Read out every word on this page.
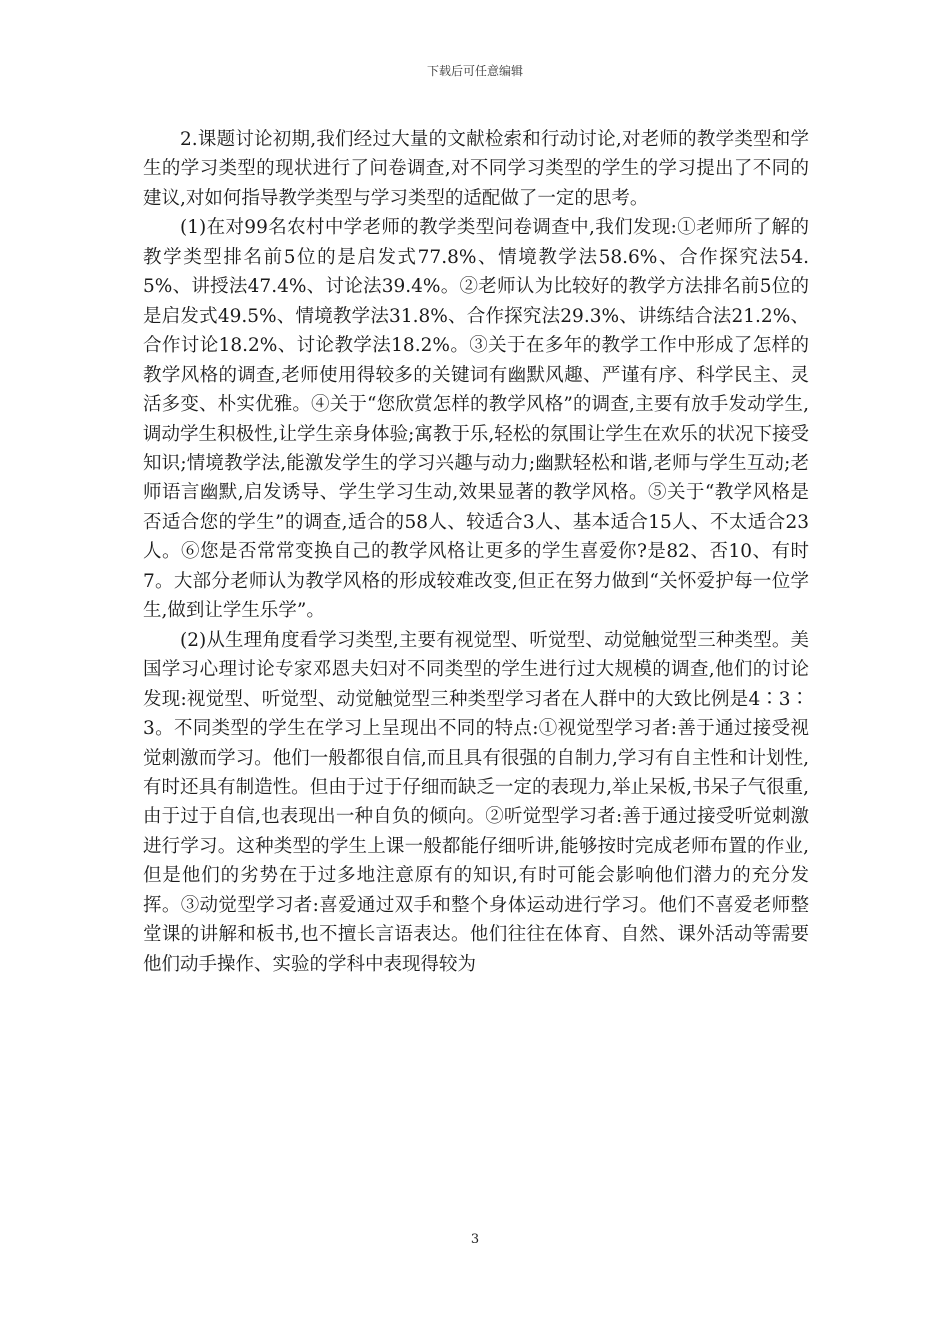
下载后可任意编辑

2.课题讨论初期,我们经过大量的文献检索和行动讨论,对老师的教学类型和学生的学习类型的现状进行了问卷调查,对不同学习类型的学生的学习提出了不同的建议,对如何指导教学类型与学习类型的适配做了一定的思考。

(1)在对99名农村中学老师的教学类型问卷调查中,我们发现:①老师所了解的教学类型排名前5位的是启发式77.8%、情境教学法58.6%、合作探究法54.5%、讲授法47.4%、讨论法39.4%。②老师认为比较好的教学方法排名前5位的是启发式49.5%、情境教学法31.8%、合作探究法29.3%、讲练结合法21.2%、合作讨论18.2%、讨论教学法18.2%。③关于在多年的教学工作中形成了怎样的教学风格的调查,老师使用得较多的关键词有幽默风趣、严谨有序、科学民主、灵活多变、朴实优雅。④关于“您欣赏怎样的教学风格”的调查,主要有放手发动学生,调动学生积极性,让学生亲身体验;寓教于乐,轻松的氛围让学生在欢乐的状况下接受知识;情境教学法,能激发学生的学习兴趣与动力;幽默轻松和谐,老师与学生互动;老师语言幽默,启发诱导、学生学习生动,效果显著的教学风格。⑤关于“教学风格是否适合您的学生”的调查,适合的58人、较适合3人、基本适合15人、不太适合23人。⑥您是否常常变换自己的教学风格让更多的学生喜爱你?是82、否10、有时7。大部分老师认为教学风格的形成较难改变,但正在努力做到“关怀爱护每一位学生,做到让学生乐学”。

(2)从生理角度看学习类型,主要有视觉型、听觉型、动觉触觉型三种类型。美国学习心理讨论专家邓恩夫妇对不同类型的学生进行过大规模的调查,他们的讨论发现:视觉型、听觉型、动觉触觉型三种类型学习者在人群中的大致比例是4∶3∶3。不同类型的学生在学习上呈现出不同的特点:①视觉型学习者:善于通过接受视觉刺激而学习。他们一般都很自信,而且具有很强的自制力,学习有自主性和计划性,有时还具有制造性。但由于过于仔细而缺乏一定的表现力,举止呆板,书呆子气很重,由于过于自信,也表现出一种自负的倾向。②听觉型学习者:善于通过接受听觉刺激进行学习。这种类型的学生上课一般都能仔细听讲,能够按时完成老师布置的作业,但是他们的劣势在于过多地注意原有的知识,有时可能会影响他们潜力的充分发挥。③动觉型学习者:喜爱通过双手和整个身体运动进行学习。他们不喜爱老师整堂课的讲解和板书,也不擅长言语表达。他们往往在体育、自然、课外活动等需要他们动手操作、实验的学科中表现得较为

3
